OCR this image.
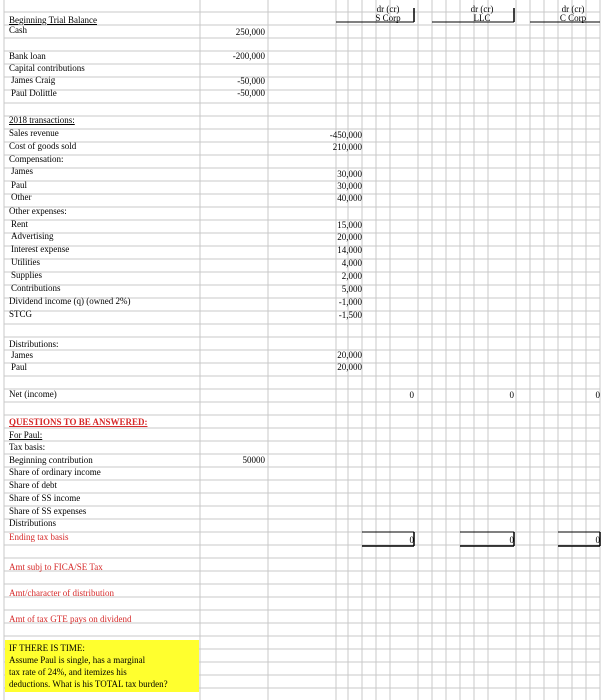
dr (cr)
S Corp
dr (cr)
LLC
dr (cr)
C Corp
Beginning Trial Balance
Cash	250,000
Bank loan	-200,000
Capital contributions
James Craig	-50,000
Paul Dolittle	-50,000
2018 transactions:
Sales revenue	-450,000
Cost of goods sold	210,000
Compensation:
James	30,000
Paul	30,000
Other	40,000
Other expenses:
Rent	15,000
Advertising	20,000
Interest expense	14,000
Utilities	4,000
Supplies	2,000
Contributions	5,000
Dividend income (q) (owned 2%)	-1,000
STCG	-1,500
Distributions:
James	20,000
Paul	20,000
Net (income)	0	0	0
QUESTIONS TO BE ANSWERED:
For Paul:
Tax basis:
Beginning contribution	50000
Share of ordinary income
Share of debt
Share of SS income
Share of SS expenses
Distributions
Ending tax basis	0	0	0
Amt subj to FICA/SE Tax
Amt/character of distribution
Amt of tax GTE pays on dividend
IF THERE IS TIME:
Assume Paul is single, has a marginal
tax rate of 24%, and itemizes his
deductions. What is his TOTAL tax burden?
